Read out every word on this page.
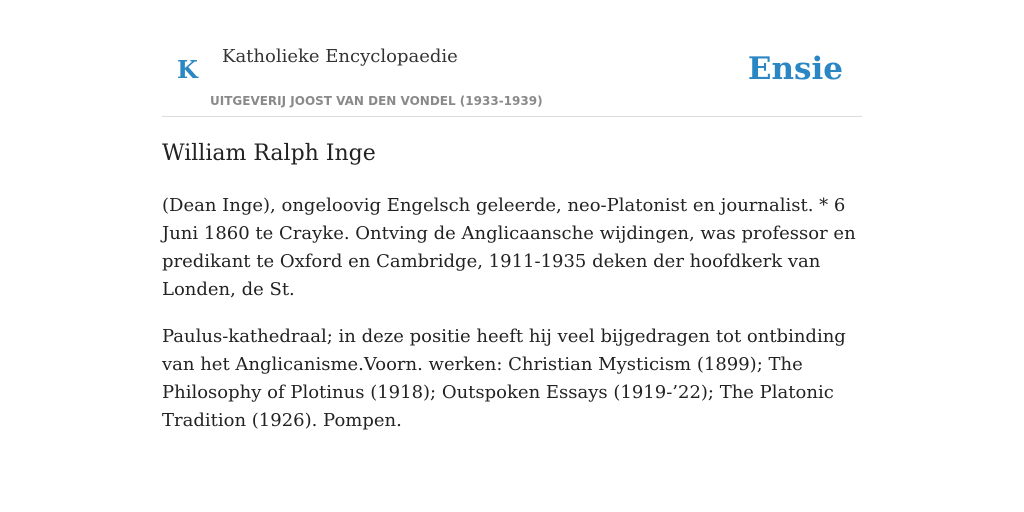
K Katholieke Encyclopaedie
UITGEVERIJ JOOST VAN DEN VONDEL (1933-1939)
Ensie
William Ralph Inge

(Dean Inge), ongeloovig Engelsch geleerde, neo-Platonist en journalist. * 6 Juni 1860 te Crayke. Ontving de Anglicaansche wijdingen, was professor en predikant te Oxford en Cambridge, 1911-1935 deken der hoofdkerk van Londen, de St.

Paulus-kathedraal; in deze positie heeft hij veel bijgedragen tot ontbinding van het Anglicanisme.Voorn. werken: Christian Mysticism (1899); The Philosophy of Plotinus (1918); Outspoken Essays (1919-’22); The Platonic Tradition (1926). Pompen.
